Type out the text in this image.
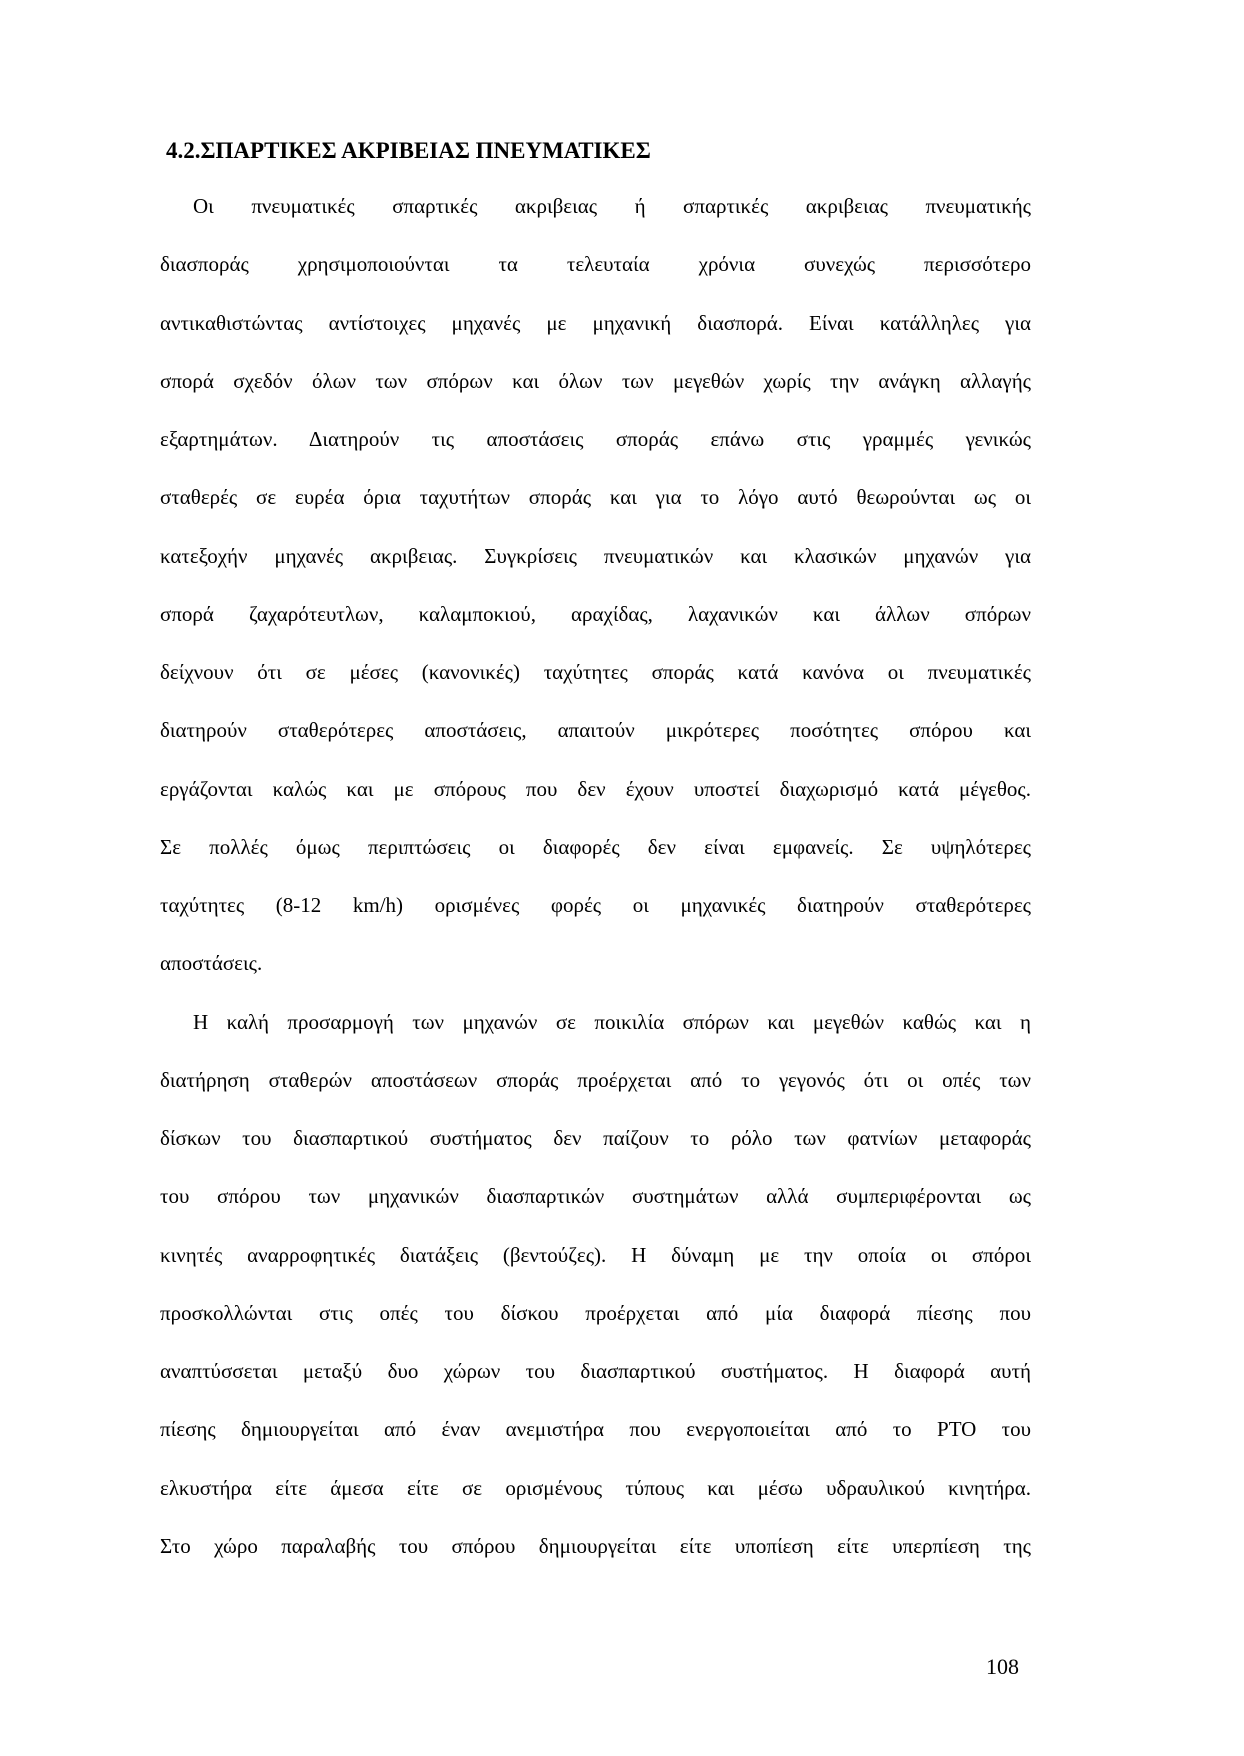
4.2.ΣΠΑΡΤΙΚΕΣ ΑΚΡΙΒΕΙΑΣ ΠΝΕΥΜΑΤΙΚΕΣ
Οι πνευματικές σπαρτικές ακριβειας ή σπαρτικές ακριβειας πνευματικής
διασποράς χρησιμοποιούνται τα τελευταία χρόνια συνεχώς περισσότερο
αντικαθιστώντας αντίστοιχες μηχανές με μηχανική διασπορά. Είναι κατάλληλες για
σπορά σχεδόν όλων των σπόρων και όλων των μεγεθών χωρίς την ανάγκη αλλαγής
εξαρτημάτων. Διατηρούν τις αποστάσεις σποράς επάνω στις γραμμές γενικώς
σταθερές σε ευρέα όρια ταχυτήτων σποράς και για το λόγο αυτό θεωρούνται ως οι
κατεξοχήν μηχανές ακριβειας. Συγκρίσεις πνευματικών και κλασικών μηχανών για
σπορά ζαχαρότευτλων, καλαμποκιού, αραχίδας, λαχανικών και άλλων σπόρων
δείχνουν ότι σε μέσες (κανονικές) ταχύτητες σποράς κατά κανόνα οι πνευματικές
διατηρούν σταθερότερες αποστάσεις, απαιτούν μικρότερες ποσότητες σπόρου και
εργάζονται καλώς και με σπόρους που δεν έχουν υποστεί διαχωρισμό κατά μέγεθος.
Σε πολλές όμως περιπτώσεις οι διαφορές δεν είναι εμφανείς. Σε υψηλότερες
ταχύτητες (8-12 km/h) ορισμένες φορές οι μηχανικές διατηρούν σταθερότερες
αποστάσεις.
Η καλή προσαρμογή των μηχανών σε ποικιλία σπόρων και μεγεθών καθώς και η
διατήρηση σταθερών αποστάσεων σποράς προέρχεται από το γεγονός ότι οι οπές των
δίσκων του διασπαρτικού συστήματος δεν παίζουν το ρόλο των φατνίων μεταφοράς
του σπόρου των μηχανικών διασπαρτικών συστημάτων αλλά συμπεριφέρονται ως
κινητές αναρροφητικές διατάξεις (βεντούζες). Η δύναμη με την οποία οι σπόροι
προσκολλώνται στις οπές του δίσκου προέρχεται από μία διαφορά πίεσης που
αναπτύσσεται μεταξύ δυο χώρων του διασπαρτικού συστήματος. Η διαφορά αυτή
πίεσης δημιουργείται από έναν ανεμιστήρα που ενεργοποιείται από το PTO του
ελκυστήρα είτε άμεσα είτε σε ορισμένους τύπους και μέσω υδραυλικού κινητήρα.
Στο χώρο παραλαβής του σπόρου δημιουργείται είτε υποπίεση είτε υπερπίεση της
108
